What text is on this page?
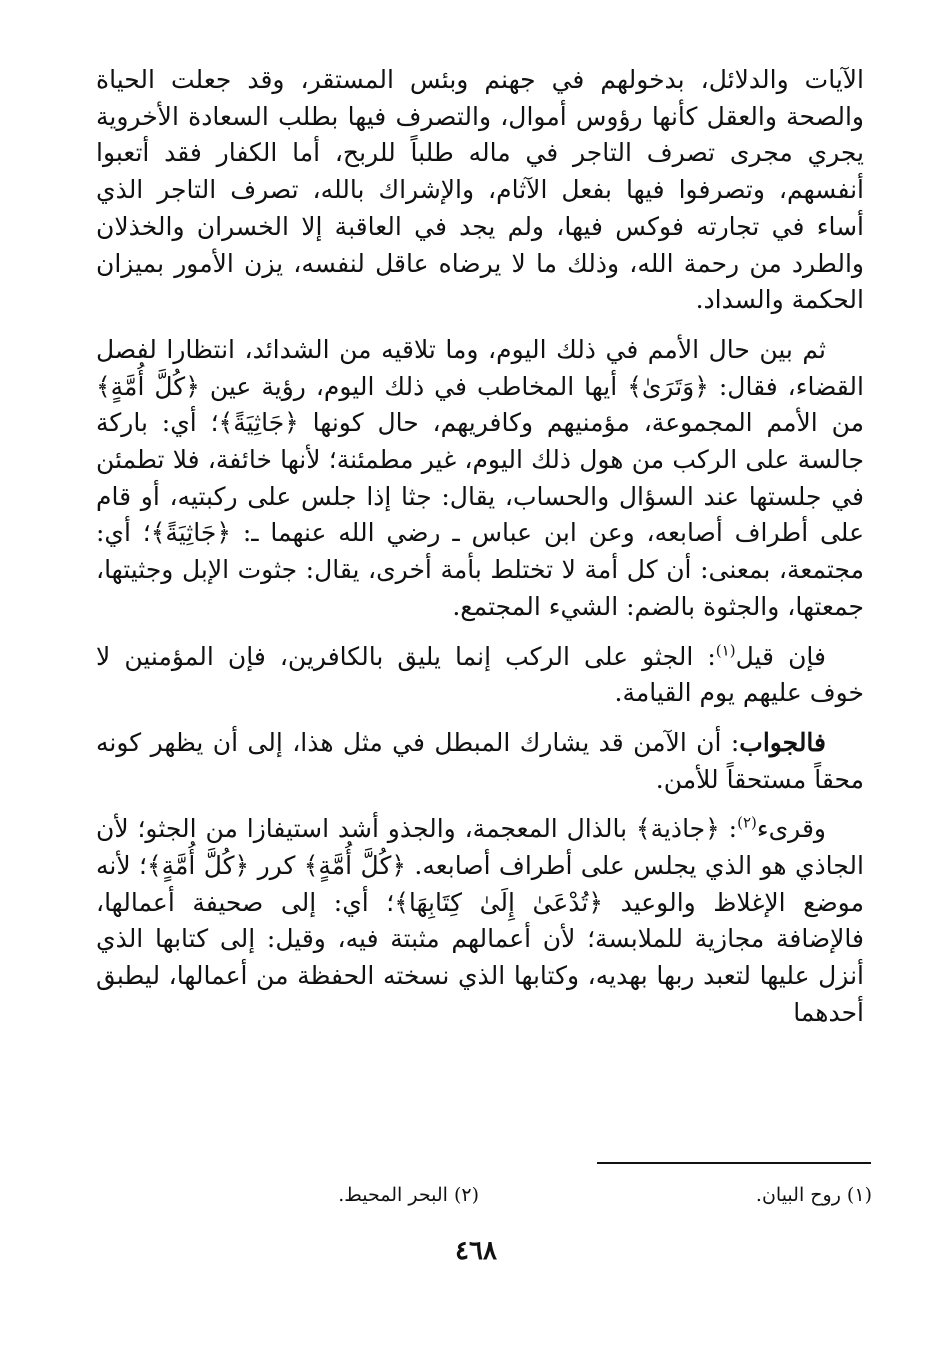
الآيات والدلائل، بدخولهم في جهنم وبئس المستقر، وقد جعلت الحياة والصحة والعقل كأنها رؤوس أموال، والتصرف فيها بطلب السعادة الأخروية يجري مجرى تصرف التاجر في ماله طلباً للربح، أما الكفار فقد أتعبوا أنفسهم، وتصرفوا فيها بفعل الآثام، والإشراك بالله، تصرف التاجر الذي أساء في تجارته فوكس فيها، ولم يجد في العاقبة إلا الخسران والخذلان والطرد من رحمة الله، وذلك ما لا يرضاه عاقل لنفسه، يزن الأمور بميزان الحكمة والسداد.

ثم بين حال الأمم في ذلك اليوم، وما تلاقيه من الشدائد، انتظارا لفصل القضاء، فقال: ﴿وَتَرَىٰ﴾ أيها المخاطب في ذلك اليوم، رؤية عين ﴿كُلَّ أُمَّةٍ﴾ من الأمم المجموعة، مؤمنيهم وكافريهم، حال كونها ﴿جَاثِيَةً﴾؛ أي: باركة جالسة على الركب من هول ذلك اليوم، غير مطمئنة؛ لأنها خائفة، فلا تطمئن في جلستها عند السؤال والحساب، يقال: جثا إذا جلس على ركبتيه، أو قام على أطراف أصابعه، وعن ابن عباس ـ رضي الله عنهما ـ: ﴿جَاثِيَةً﴾؛ أي: مجتمعة، بمعنى: أن كل أمة لا تختلط بأمة أخرى، يقال: جثوت الإبل وجثيتها، جمعتها، والجثوة بالضم: الشيء المجتمع.

فإن قيل$^{(١)}$: الجثو على الركب إنما يليق بالكافرين، فإن المؤمنين لا خوف عليهم يوم القيامة.

فالجواب: أن الآمن قد يشارك المبطل في مثل هذا، إلى أن يظهر كونه محقاً مستحقاً للأمن.

وقرىء$^{(٢)}$: ﴿جاذية﴾ بالذال المعجمة، والجذو أشد استيفازا من الجثو؛ لأن الجاذي هو الذي يجلس على أطراف أصابعه. ﴿كُلَّ أُمَّةٍ﴾ كرر ﴿كُلَّ أُمَّةٍ﴾؛ لأنه موضع الإغلاظ والوعيد ﴿تُدْعَىٰ إِلَىٰ كِتَابِهَا﴾؛ أي: إلى صحيفة أعمالها، فالإضافة مجازية للملابسة؛ لأن أعمالهم مثبتة فيه، وقيل: إلى كتابها الذي أنزل عليها لتعبد ربها بهديه، وكتابها الذي نسخته الحفظة من أعمالها، ليطبق أحدهما

(١) روح البيان.
(٢) البحر المحيط.
٤٦٨
